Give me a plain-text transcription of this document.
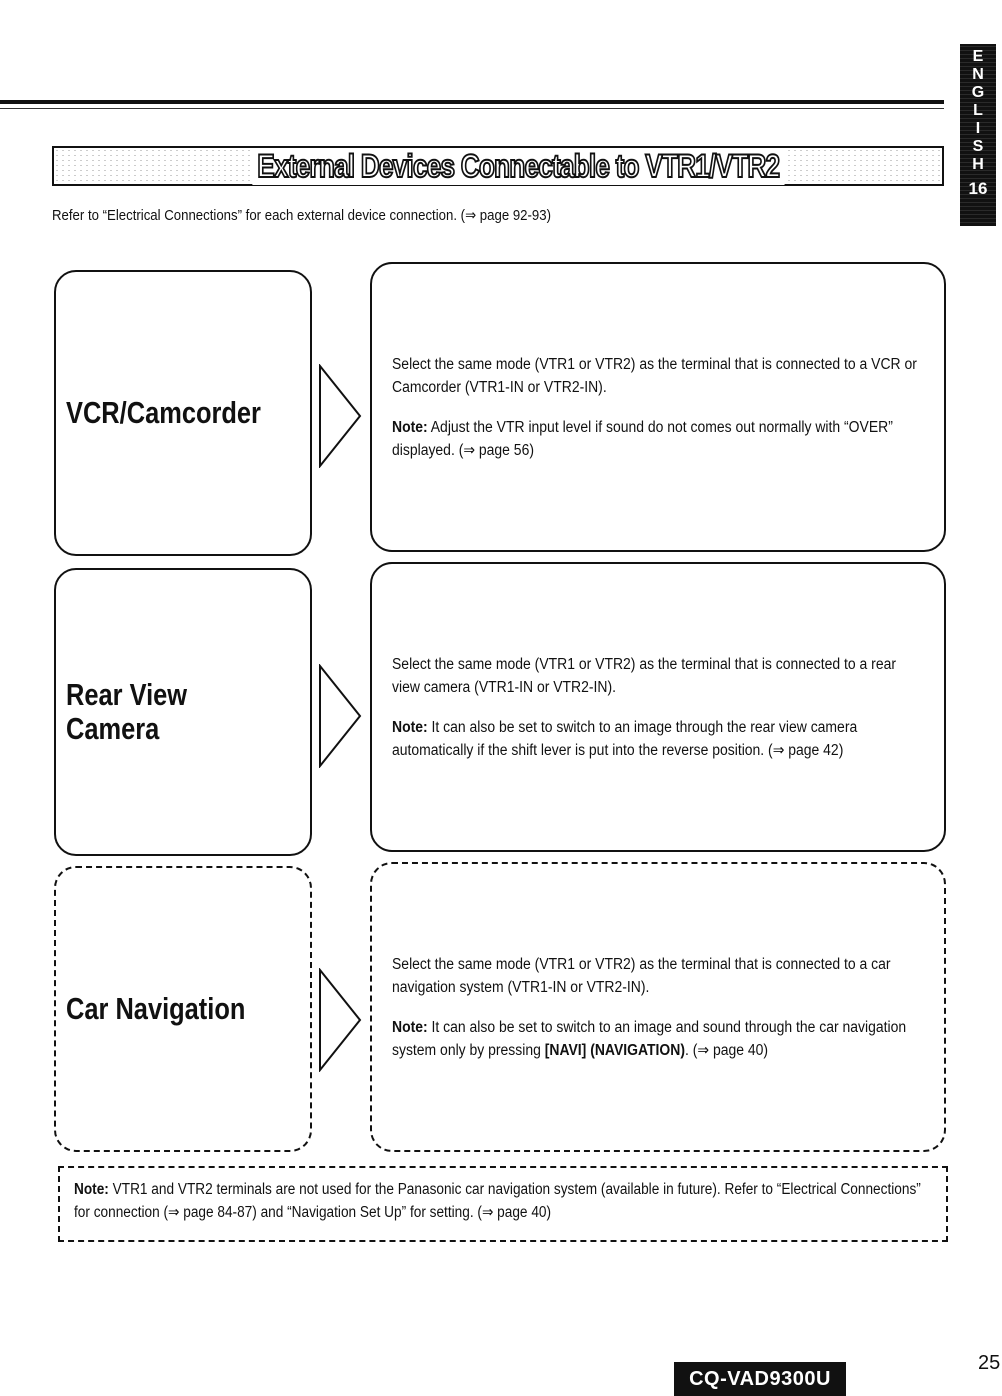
E
N
G
L
I
S
H
16
External Devices Connectable to VTR1/VTR2
Refer to “Electrical Connections” for each external device connection. (⇒ page 92-93)
VCR/Camcorder

Select the same mode (VTR1 or VTR2) as the terminal that is connected to a VCR or Camcorder (VTR1-IN or VTR2-IN).

Note: Adjust the VTR input level if sound do not comes out normally with “OVER” displayed. (⇒ page 56)

Rear View
Camera

Select the same mode (VTR1 or VTR2) as the terminal that is connected to a rear view camera (VTR1-IN or VTR2-IN).

Note: It can also be set to switch to an image through the rear view camera automatically if the shift lever is put into the reverse position. (⇒ page 42)

Car Navigation

Select the same mode (VTR1 or VTR2) as the terminal that is connected to a car navigation system (VTR1-IN or VTR2-IN).

Note: It can also be set to switch to an image and sound through the car navigation system only by pressing [NAVI] (NAVIGATION). (⇒ page 40)

Note: VTR1 and VTR2 terminals are not used for the Panasonic car navigation system (available in future). Refer to “Electrical Connections” for connection (⇒ page 84-87) and “Navigation Set Up” for setting. (⇒ page 40)
CQ-VAD9300U
25
